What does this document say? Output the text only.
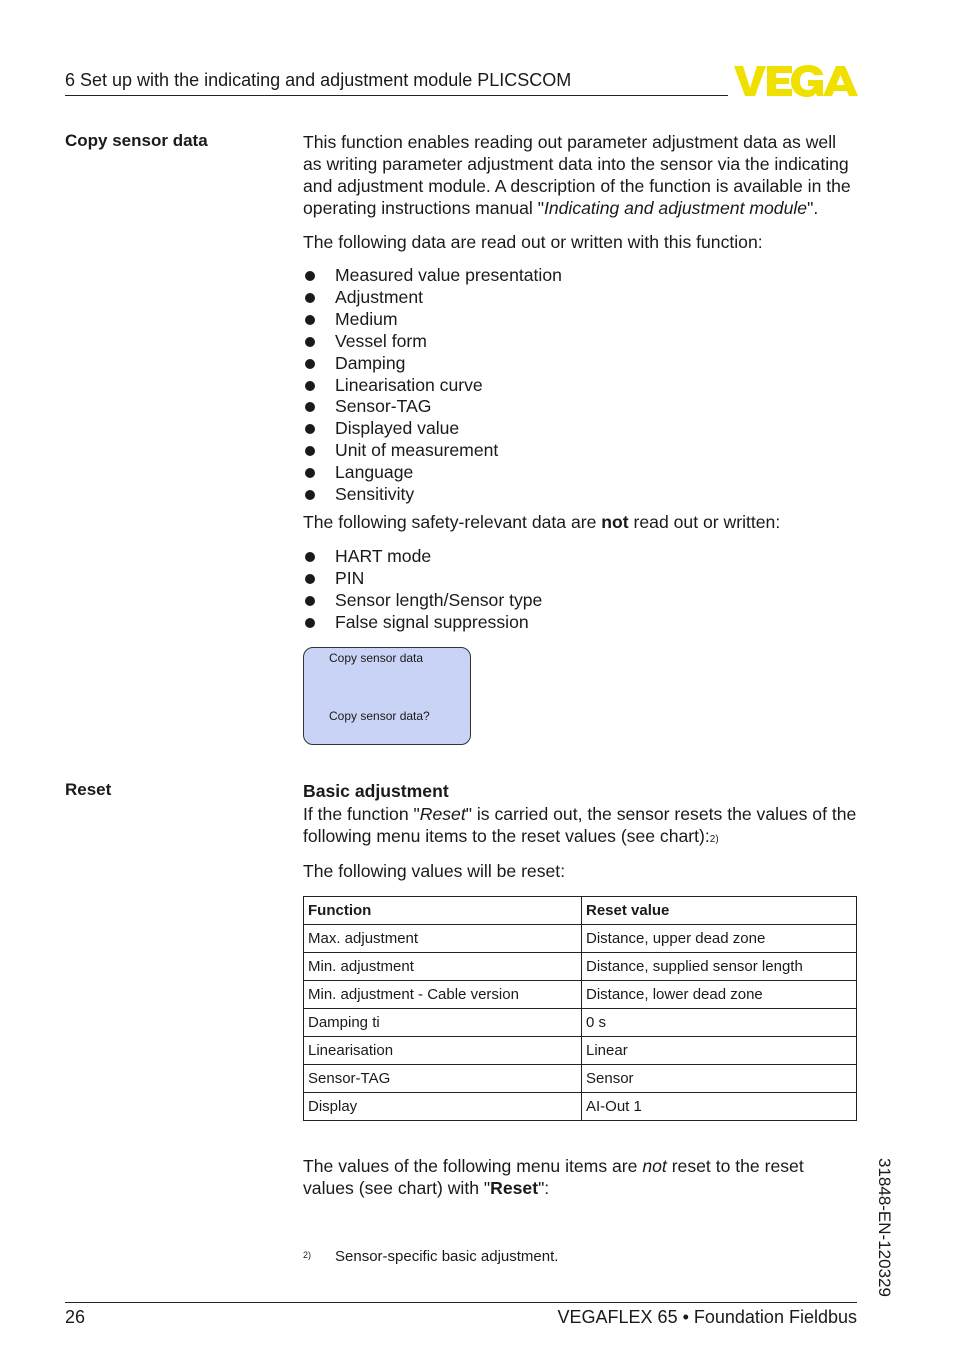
6 Set up with the indicating and adjustment module PLICSCOM
Copy sensor data	This function enables reading out parameter adjustment data as well as writing parameter adjustment data into the sensor via the indicating and adjustment module. A description of the function is available in the operating instructions manual "Indicating and adjustment module".

The following data are read out or written with this function:
Measured value presentation
Adjustment
Medium
Vessel form
Damping
Linearisation curve
Sensor-TAG
Displayed value
Unit of measurement
Language
Sensitivity
The following safety-relevant data are not read out or written:
HART mode
PIN
Sensor length/Sensor type
False signal suppression
Copy sensor data
Copy sensor data?
Reset	Basic adjustment
If the function "Reset" is carried out, the sensor resets the values of the following menu items to the reset values (see chart):$^{2)}$
The following values will be reset:
Function	Reset value
Max. adjustment	Distance, upper dead zone
Min. adjustment	Distance, supplied sensor length
Min. adjustment - Cable version	Distance, lower dead zone
Damping ti	0 s
Linearisation	Linear
Sensor-TAG	Sensor
Display	AI-Out 1
The values of the following menu items are not reset to the reset values (see chart) with "Reset":
2) Sensor-specific basic adjustment.	31848-EN-120329
26	VEGAFLEX 65 • Foundation Fieldbus
